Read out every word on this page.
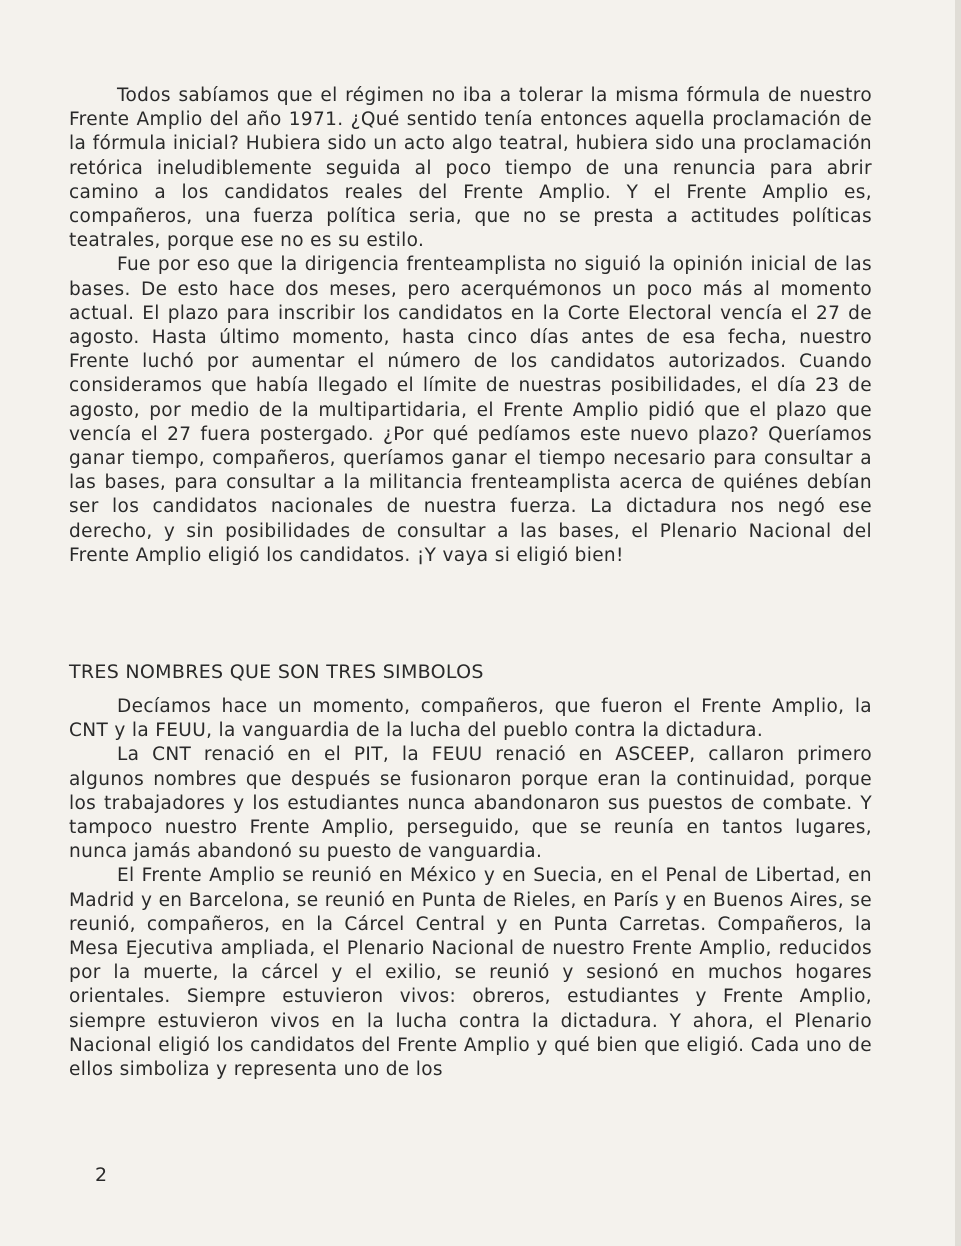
Todos sabíamos que el régimen no iba a tolerar la misma fórmula de nuestro Frente Amplio del año 1971. ¿Qué sentido tenía entonces aquella proclamación de la fórmula inicial? Hubiera sido un acto algo teatral, hubiera sido una proclamación retórica ineludiblemente seguida al poco tiempo de una renuncia para abrir camino a los candidatos reales del Frente Amplio. Y el Frente Amplio es, compañeros, una fuerza política seria, que no se presta a actitudes políticas teatrales, porque ese no es su estilo.

Fue por eso que la dirigencia frenteamplista no siguió la opinión inicial de las bases. De esto hace dos meses, pero acerquémonos un poco más al momento actual. El plazo para inscribir los candidatos en la Corte Electoral vencía el 27 de agosto. Hasta último momento, hasta cinco días antes de esa fecha, nuestro Frente luchó por aumentar el número de los candidatos autorizados. Cuando consideramos que había llegado el límite de nuestras posibilidades, el día 23 de agosto, por medio de la multipartidaria, el Frente Amplio pidió que el plazo que vencía el 27 fuera postergado. ¿Por qué pedíamos este nuevo plazo? Queríamos ganar tiempo, compañeros, queríamos ganar el tiempo necesario para consultar a las bases, para consultar a la militancia frenteamplista acerca de quiénes debían ser los candidatos nacionales de nuestra fuerza. La dictadura nos negó ese derecho, y sin posibilidades de consultar a las bases, el Plenario Nacional del Frente Amplio eligió los candidatos. ¡Y vaya si eligió bien!

TRES NOMBRES QUE SON TRES SIMBOLOS

Decíamos hace un momento, compañeros, que fueron el Frente Amplio, la CNT y la FEUU, la vanguardia de la lucha del pueblo contra la dictadura.

La CNT renació en el PIT, la FEUU renació en ASCEEP, callaron primero algunos nombres que después se fusionaron porque eran la continuidad, porque los trabajadores y los estudiantes nunca abandonaron sus puestos de combate. Y tampoco nuestro Frente Amplio, perseguido, que se reunía en tantos lugares, nunca jamás abandonó su puesto de vanguardia.

El Frente Amplio se reunió en México y en Suecia, en el Penal de Libertad, en Madrid y en Barcelona, se reunió en Punta de Rieles, en París y en Buenos Aires, se reunió, compañeros, en la Cárcel Central y en Punta Carretas. Compañeros, la Mesa Ejecutiva ampliada, el Plenario Nacional de nuestro Frente Amplio, reducidos por la muerte, la cárcel y el exilio, se reunió y sesionó en muchos hogares orientales. Siempre estuvieron vivos: obreros, estudiantes y Frente Amplio, siempre estuvieron vivos en la lucha contra la dictadura. Y ahora, el Plenario Nacional eligió los candidatos del Frente Amplio y qué bien que eligió. Cada uno de ellos simboliza y representa uno de los

2
